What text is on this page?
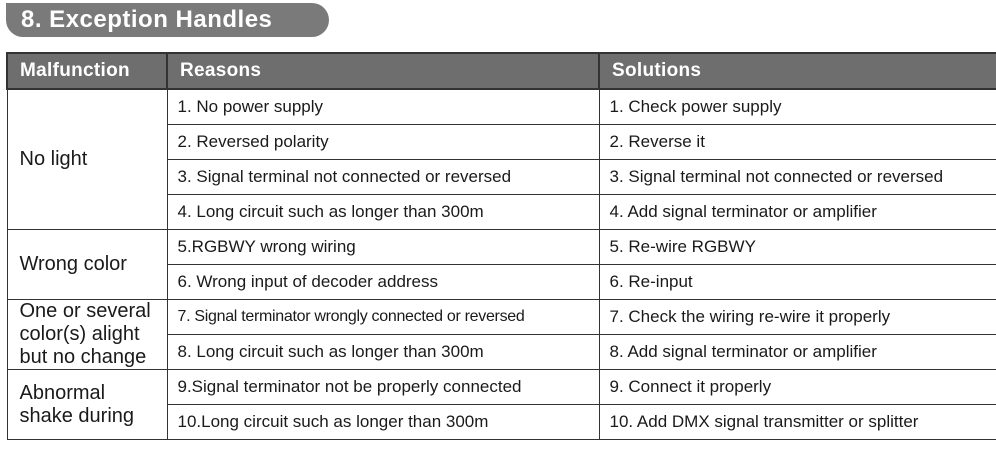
8. Exception Handles
Malfunction	Reasons	Solutions

No light	1. No power supply	1. Check power supply
	2. Reversed polarity	2. Reverse it
	3. Signal terminal not connected or reversed	3. Signal terminal not connected or reversed
	4. Long circuit such as longer than 300m	4. Add signal terminator or amplifier

Wrong color	5.RGBWY wrong wiring	5. Re-wire RGBWY
	6. Wrong input of decoder address	6. Re-input

One or several
color(s) alight
but no change	7. Signal terminator wrongly connected or reversed	7. Check the wiring re-wire it properly
	8. Long circuit such as longer than 300m	8. Add signal terminator or amplifier

Abnormal
shake during	9.Signal terminator not be properly connected	9. Connect it properly
	10.Long circuit such as longer than 300m	10. Add DMX signal transmitter or splitter
